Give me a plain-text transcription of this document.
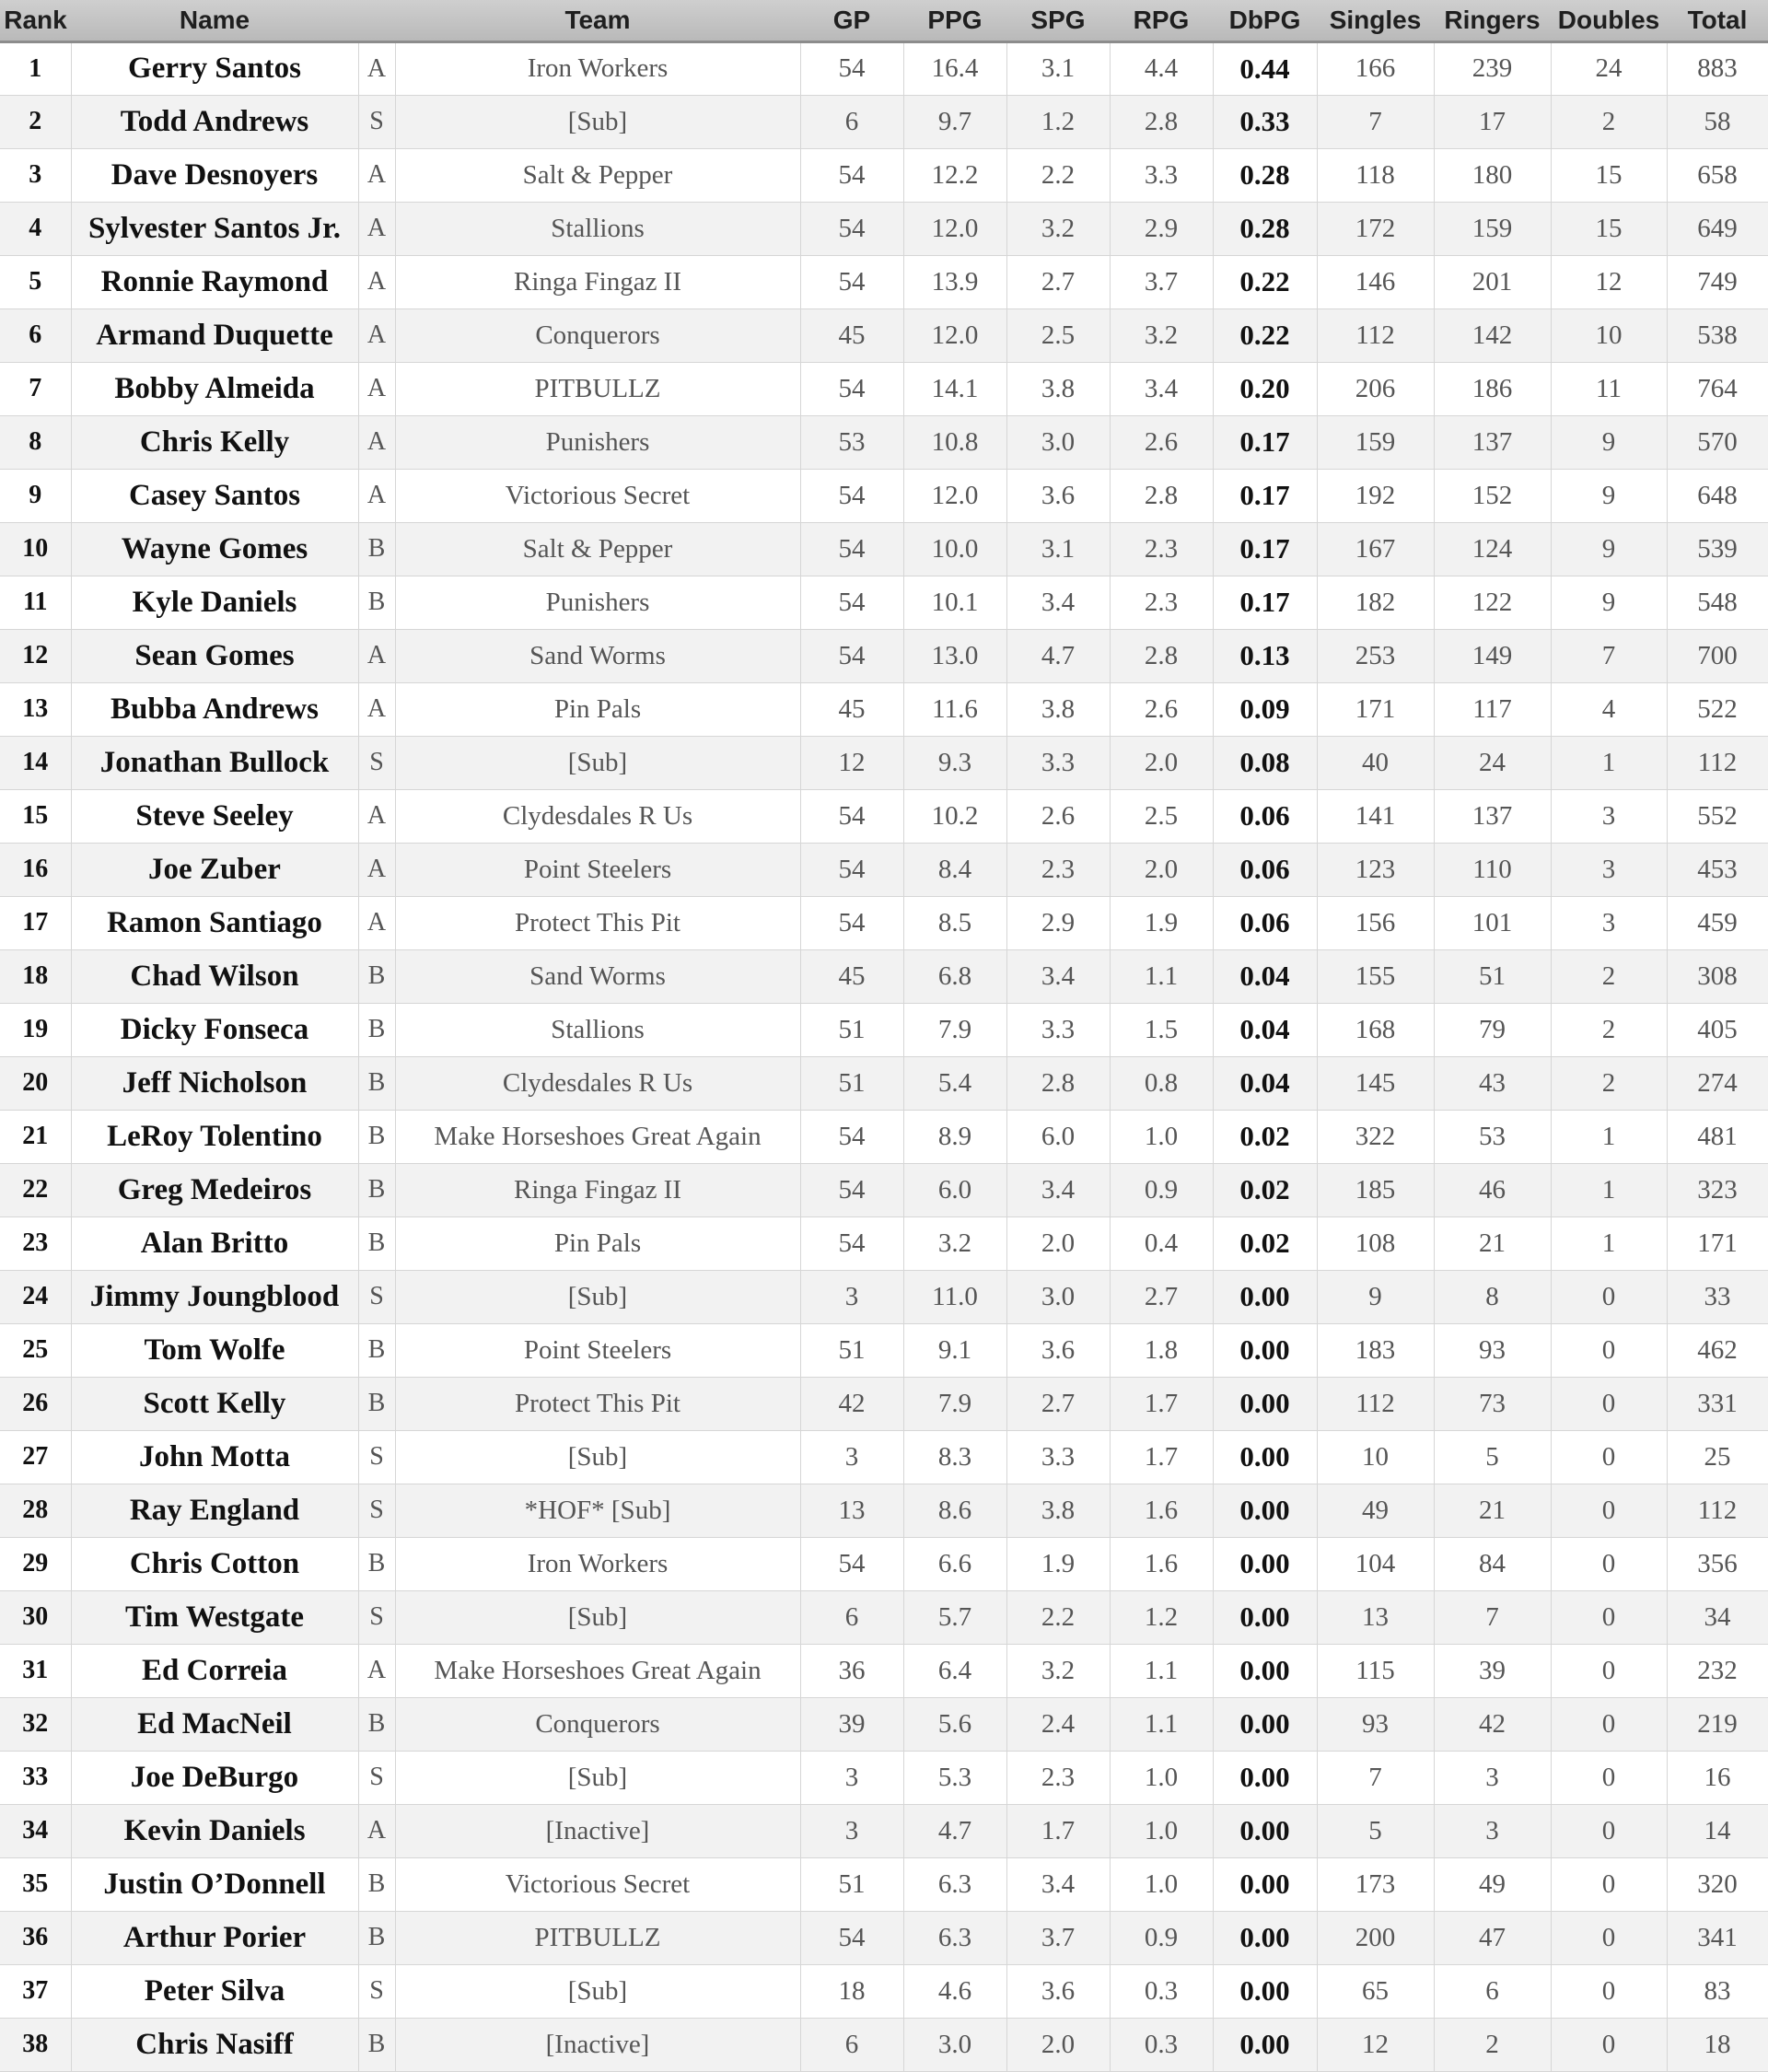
Rank	Name		Team	GP	PPG	SPG	RPG	DbPG	Singles	Ringers	Doubles	Total
1	Gerry Santos	A	Iron Workers	54	16.4	3.1	4.4	0.44	166	239	24	883
2	Todd Andrews	S	[Sub]	6	9.7	1.2	2.8	0.33	7	17	2	58
3	Dave Desnoyers	A	Salt & Pepper	54	12.2	2.2	3.3	0.28	118	180	15	658
4	Sylvester Santos Jr.	A	Stallions	54	12.0	3.2	2.9	0.28	172	159	15	649
5	Ronnie Raymond	A	Ringa Fingaz II	54	13.9	2.7	3.7	0.22	146	201	12	749
6	Armand Duquette	A	Conquerors	45	12.0	2.5	3.2	0.22	112	142	10	538
7	Bobby Almeida	A	PITBULLZ	54	14.1	3.8	3.4	0.20	206	186	11	764
8	Chris Kelly	A	Punishers	53	10.8	3.0	2.6	0.17	159	137	9	570
9	Casey Santos	A	Victorious Secret	54	12.0	3.6	2.8	0.17	192	152	9	648
10	Wayne Gomes	B	Salt & Pepper	54	10.0	3.1	2.3	0.17	167	124	9	539
11	Kyle Daniels	B	Punishers	54	10.1	3.4	2.3	0.17	182	122	9	548
12	Sean Gomes	A	Sand Worms	54	13.0	4.7	2.8	0.13	253	149	7	700
13	Bubba Andrews	A	Pin Pals	45	11.6	3.8	2.6	0.09	171	117	4	522
14	Jonathan Bullock	S	[Sub]	12	9.3	3.3	2.0	0.08	40	24	1	112
15	Steve Seeley	A	Clydesdales R Us	54	10.2	2.6	2.5	0.06	141	137	3	552
16	Joe Zuber	A	Point Steelers	54	8.4	2.3	2.0	0.06	123	110	3	453
17	Ramon Santiago	A	Protect This Pit	54	8.5	2.9	1.9	0.06	156	101	3	459
18	Chad Wilson	B	Sand Worms	45	6.8	3.4	1.1	0.04	155	51	2	308
19	Dicky Fonseca	B	Stallions	51	7.9	3.3	1.5	0.04	168	79	2	405
20	Jeff Nicholson	B	Clydesdales R Us	51	5.4	2.8	0.8	0.04	145	43	2	274
21	LeRoy Tolentino	B	Make Horseshoes Great Again	54	8.9	6.0	1.0	0.02	322	53	1	481
22	Greg Medeiros	B	Ringa Fingaz II	54	6.0	3.4	0.9	0.02	185	46	1	323
23	Alan Britto	B	Pin Pals	54	3.2	2.0	0.4	0.02	108	21	1	171
24	Jimmy Joungblood	S	[Sub]	3	11.0	3.0	2.7	0.00	9	8	0	33
25	Tom Wolfe	B	Point Steelers	51	9.1	3.6	1.8	0.00	183	93	0	462
26	Scott Kelly	B	Protect This Pit	42	7.9	2.7	1.7	0.00	112	73	0	331
27	John Motta	S	[Sub]	3	8.3	3.3	1.7	0.00	10	5	0	25
28	Ray England	S	*HOF* [Sub]	13	8.6	3.8	1.6	0.00	49	21	0	112
29	Chris Cotton	B	Iron Workers	54	6.6	1.9	1.6	0.00	104	84	0	356
30	Tim Westgate	S	[Sub]	6	5.7	2.2	1.2	0.00	13	7	0	34
31	Ed Correia	A	Make Horseshoes Great Again	36	6.4	3.2	1.1	0.00	115	39	0	232
32	Ed MacNeil	B	Conquerors	39	5.6	2.4	1.1	0.00	93	42	0	219
33	Joe DeBurgo	S	[Sub]	3	5.3	2.3	1.0	0.00	7	3	0	16
34	Kevin Daniels	A	[Inactive]	3	4.7	1.7	1.0	0.00	5	3	0	14
35	Justin O’Donnell	B	Victorious Secret	51	6.3	3.4	1.0	0.00	173	49	0	320
36	Arthur Porier	B	PITBULLZ	54	6.3	3.7	0.9	0.00	200	47	0	341
37	Peter Silva	S	[Sub]	18	4.6	3.6	0.3	0.00	65	6	0	83
38	Chris Nasiff	B	[Inactive]	6	3.0	2.0	0.3	0.00	12	2	0	18
